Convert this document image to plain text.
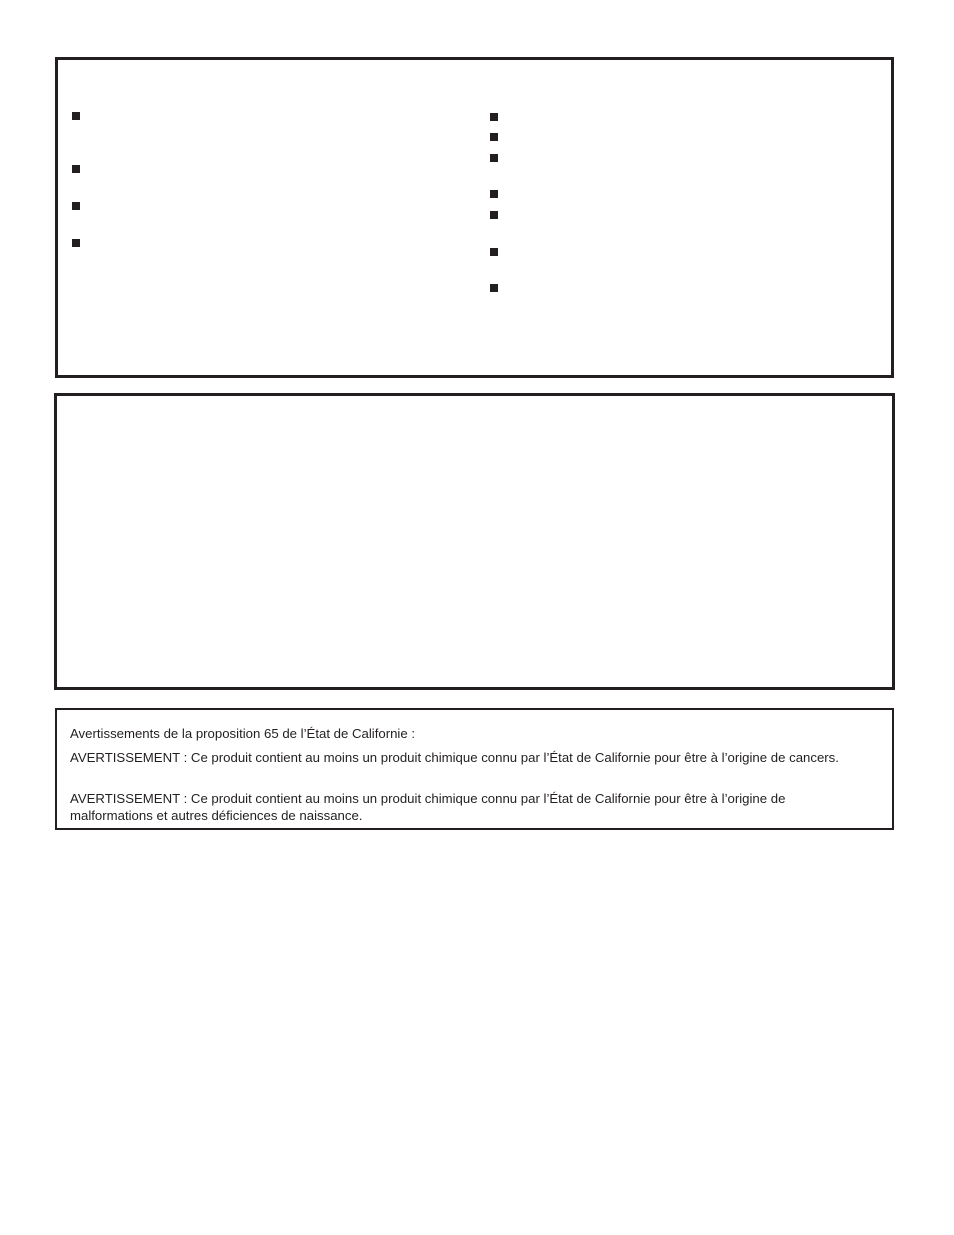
Avertissements de la proposition 65 de l’État de Californie :

AVERTISSEMENT : Ce produit contient au moins un produit chimique connu par l’État de Californie pour être à l’origine de cancers.

AVERTISSEMENT : Ce produit contient au moins un produit chimique connu par l’État de Californie pour être à l’origine de malformations et autres déficiences de naissance.
